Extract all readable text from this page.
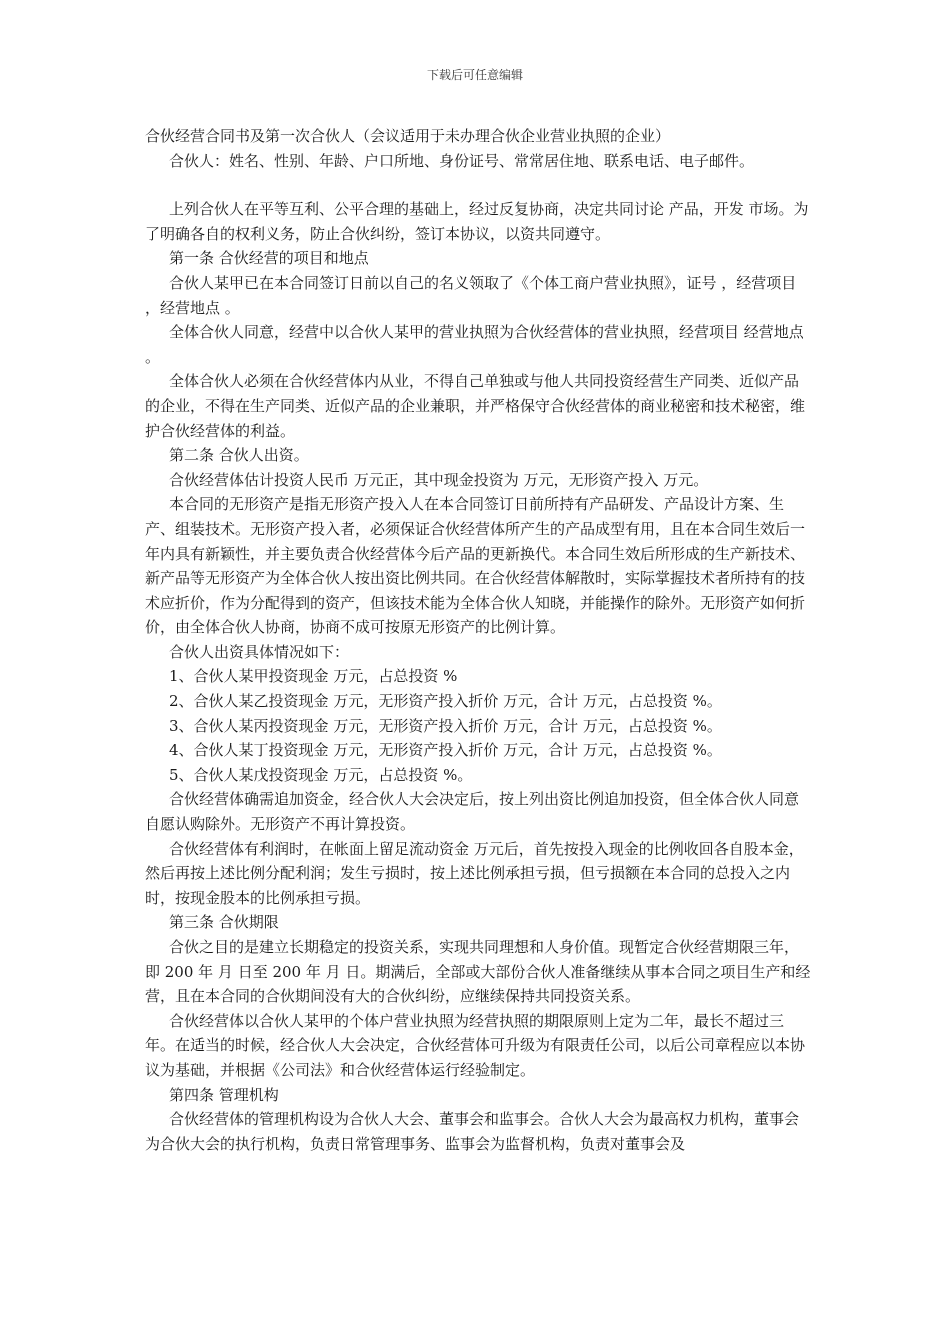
下载后可任意编辑

合伙经营合同书及第一次合伙人（会议适用于未办理合伙企业营业执照的企业）

合伙人：姓名、性别、年龄、户口所地、身份证号、常常居住地、联系电话、电子邮件。

上列合伙人在平等互利、公平合理的基础上，经过反复协商，决定共同讨论 产品，开发 市场。为了明确各自的权利义务，防止合伙纠纷，签订本协议，以资共同遵守。

第一条 合伙经营的项目和地点

合伙人某甲已在本合同签订日前以自己的名义领取了《个体工商户营业执照》，证号 ，经营项目 ，经营地点 。

全体合伙人同意，经营中以合伙人某甲的营业执照为合伙经营体的营业执照，经营项目 经营地点 。

全体合伙人必须在合伙经营体内从业，不得自己单独或与他人共同投资经营生产同类、近似产品的企业，不得在生产同类、近似产品的企业兼职，并严格保守合伙经营体的商业秘密和技术秘密，维护合伙经营体的利益。

第二条 合伙人出资。

合伙经营体估计投资人民币 万元正，其中现金投资为 万元，无形资产投入 万元。

本合同的无形资产是指无形资产投入人在本合同签订日前所持有产品研发、产品设计方案、生产、组装技术。无形资产投入者，必须保证合伙经营体所产生的产品成型有用，且在本合同生效后一年内具有新颖性，并主要负责合伙经营体今后产品的更新换代。本合同生效后所形成的生产新技术、新产品等无形资产为全体合伙人按出资比例共同。在合伙经营体解散时，实际掌握技术者所持有的技术应折价，作为分配得到的资产，但该技术能为全体合伙人知晓，并能操作的除外。无形资产如何折价，由全体合伙人协商，协商不成可按原无形资产的比例计算。

合伙人出资具体情况如下：

1、合伙人某甲投资现金 万元，占总投资 %

2、合伙人某乙投资现金 万元，无形资产投入折价 万元，合计 万元，占总投资 %。

3、合伙人某丙投资现金 万元，无形资产投入折价 万元，合计 万元，占总投资 %。

4、合伙人某丁投资现金 万元，无形资产投入折价 万元，合计 万元，占总投资 %。

5、合伙人某戊投资现金 万元，占总投资 %。

合伙经营体确需追加资金，经合伙人大会决定后，按上列出资比例追加投资，但全体合伙人同意自愿认购除外。无形资产不再计算投资。

合伙经营体有利润时，在帐面上留足流动资金 万元后，首先按投入现金的比例收回各自股本金，然后再按上述比例分配利润；发生亏损时，按上述比例承担亏损，但亏损额在本合同的总投入之内时，按现金股本的比例承担亏损。

第三条 合伙期限

合伙之目的是建立长期稳定的投资关系，实现共同理想和人身价值。现暂定合伙经营期限三年，即 200 年 月 日至 200 年 月 日。期满后，全部或大部份合伙人准备继续从事本合同之项目生产和经营，且在本合同的合伙期间没有大的合伙纠纷，应继续保持共同投资关系。

合伙经营体以合伙人某甲的个体户营业执照为经营执照的期限原则上定为二年，最长不超过三年。在适当的时候，经合伙人大会决定，合伙经营体可升级为有限责任公司，以后公司章程应以本协议为基础，并根据《公司法》和合伙经营体运行经验制定。

第四条 管理机构

合伙经营体的管理机构设为合伙人大会、董事会和监事会。合伙人大会为最高权力机构，董事会为合伙大会的执行机构，负责日常管理事务、监事会为监督机构，负责对董事会及
